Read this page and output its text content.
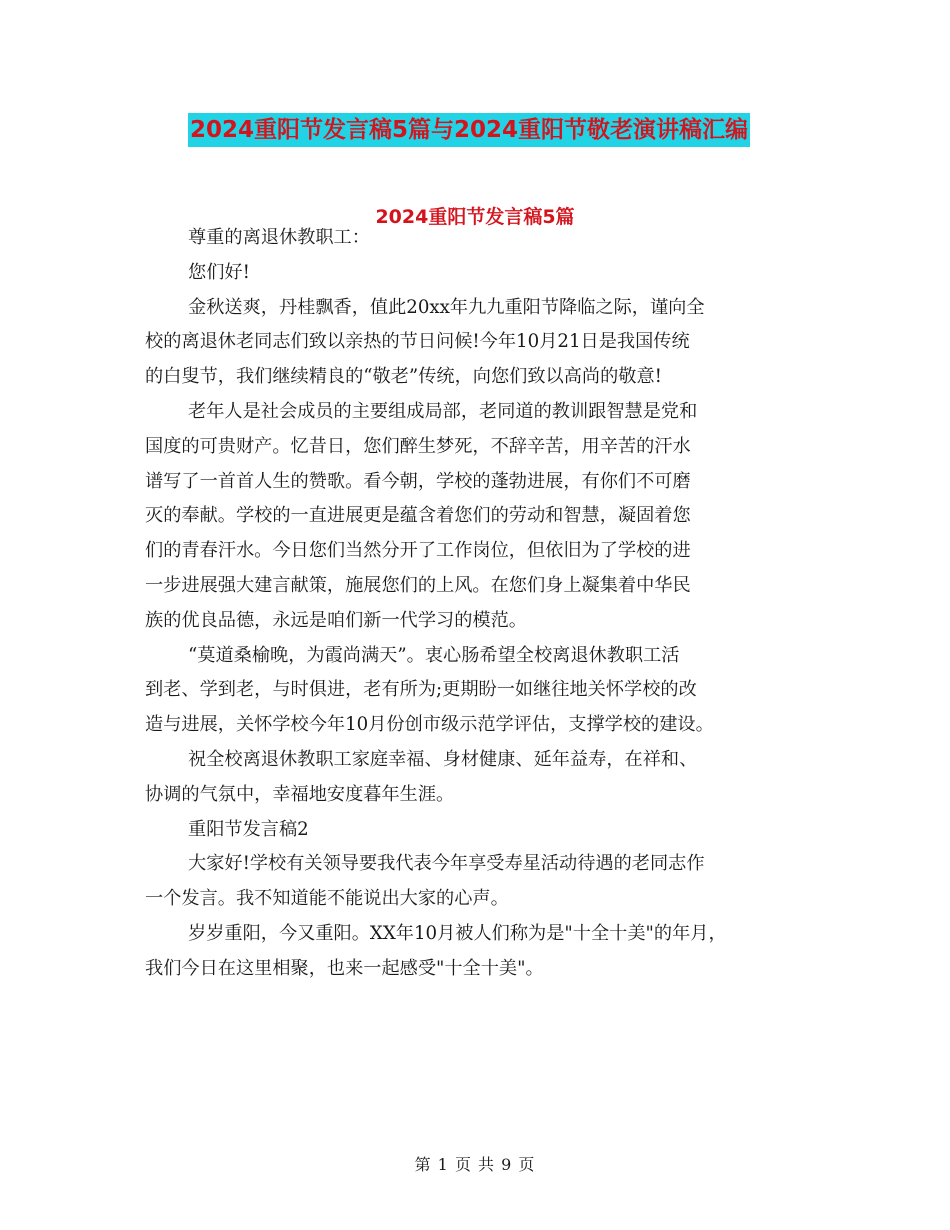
2024重阳节发言稿5篇与2024重阳节敬老演讲稿汇编
2024重阳节发言稿5篇
尊重的离退休教职工：
您们好!
金秋送爽，丹桂飘香，值此20xx年九九重阳节降临之际，谨向全
校的离退休老同志们致以亲热的节日问候!今年10月21日是我国传统
的白叟节，我们继续精良的“敬老”传统，向您们致以高尚的敬意!
老年人是社会成员的主要组成局部，老同道的教训跟智慧是党和
国度的可贵财产。忆昔日，您们醉生梦死，不辞辛苦，用辛苦的汗水
谱写了一首首人生的赞歌。看今朝，学校的蓬勃进展，有你们不可磨
灭的奉献。学校的一直进展更是蕴含着您们的劳动和智慧，凝固着您
们的青春汗水。今日您们当然分开了工作岗位，但依旧为了学校的进
一步进展强大建言献策，施展您们的上风。在您们身上凝集着中华民
族的优良品德，永远是咱们新一代学习的模范。
“莫道桑榆晚，为霞尚满天”。衷心肠希望全校离退休教职工活
到老、学到老，与时俱进，老有所为;更期盼一如继往地关怀学校的改
造与进展，关怀学校今年10月份创市级示范学评估，支撑学校的建设。
祝全校离退休教职工家庭幸福、身材健康、延年益寿，在祥和、
协调的气氛中，幸福地安度暮年生涯。
重阳节发言稿2
大家好!学校有关领导要我代表今年享受寿星活动待遇的老同志作
一个发言。我不知道能不能说出大家的心声。
岁岁重阳，今又重阳。XX年10月被人们称为是"十全十美"的年月，
我们今日在这里相聚，也来一起感受"十全十美"。
第 1 页 共 9 页
